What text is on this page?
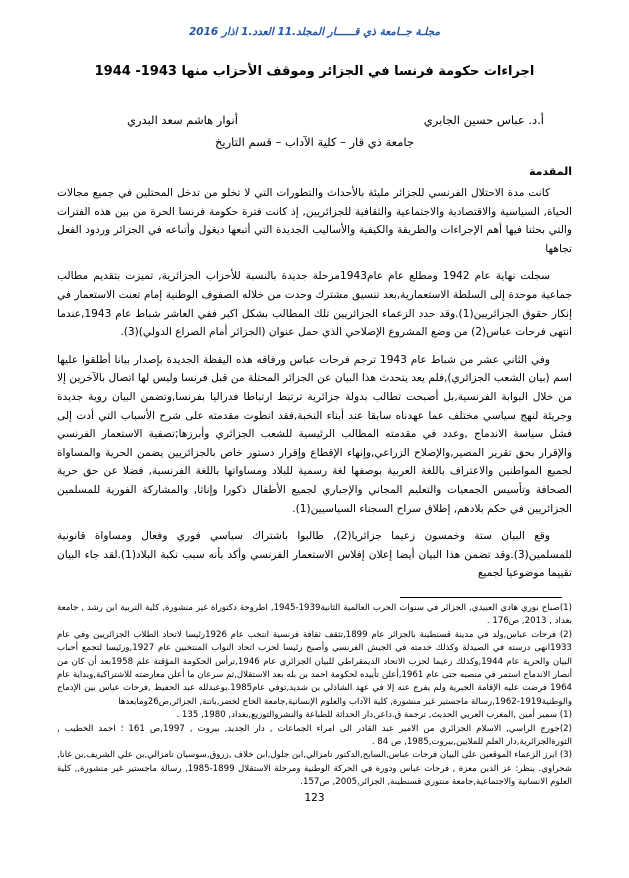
مجلـة جــامعة ذي قــــــار المجلد.11 العدد.1 اذار 2016
اجراءات حكومة فرنسا في الجزائر وموقف الأحزاب منها 1943- 1944
أ.د. عباس حسين الجابري
أنوار هاشم سعد البدري
جامعة ذي قار – كلية الآداب – قسم التاريخ
المقدمة

كانت مدة الاحتلال الفرنسي للجزائر مليئة بالأحداث والتطورات التي لا تخلو من تدخل المحتلين في جميع مجالات الحياة, السياسية والاقتصادية والاجتماعية والثقافية للجزائريين, إذ كانت فترة حكومة فرنسا الحرة من بين هذه الفترات والتي بحثنا فيها أهم الإجراءات والطريقة والكيفية والأساليب الجديدة التي أتبعها ديغول وأتباعه في الجزائر وردود الفعل تجاهها

سجلت نهاية عام 1942 ومطلع عام عام1943مرحلة جديدة بالنسبة للأحزاب الجزائرية, تميزت بتقديم مطالب جماعية موحدة إلى السلطة الاستعمارية,بعد تنسيق مشترك وحدت من خلاله الصفوف الوطنية إمام تعنت الاستعمار في إنكار حقوق الجزائريين(1).وقد حدد الزعماء الجزائريين تلك المطالب بشكل اكبر ففي العاشر شباط عام 1943,عندما انتهى فرحات عباس(2) من وضع المشروع الإصلاحي الذي حمل عنوان (الجزائر أمام الصراع الدولي)(3).

وفي الثاني عشر من شباط عام 1943 ترجم فرحات عباس ورفاقه هذه اليقظة الجديدة بإصدار بيانا أطلقوا عليها اسم (بيان الشعب الجزائري),فلم يعد يتحدث هذا البيان عن الجزائر المحتلة من قبل فرنسا وليس لها اتصال بالآخرين إلا من خلال البوابة الفرنسية,بل أصبحت تطالب بدولة جزائرية ترتبط ارتباطا فدراليا بفرنسا,وتضمن البيان روية جديدة وجريئة لنهج سياسي مختلف عما عهدناه سابقا عند أبناء النخبة,فقد انطوت مقدمته على شرح الأسباب التي أدت إلى فشل سياسة الاندماج ,وعدد في مقدمته المطالب الرئيسية للشعب الجزائري وأبرزها;تصفية الاستعمار الفرنسي والإقرار بحق تقرير المصير,والإصلاح الزراعي,وإنهاء الإقطاع وإقرار دستور خاص بالجزائريين يضمن الحرية والمساواة لجميع المواطنين والاعتراف باللغة العربية بوصفها لغة رسمية للبلاد ومساواتها باللغة الفرنسية, فضلا عن حق حرية الصحافة وتأسيس الجمعيات والتعليم المجاني والإجباري لجميع الأطفال ذكورا وإناثا, والمشاركة الفورية للمسلمين الجزائريين في حكم بلادهم, إطلاق سراح السجناء السياسيين(1).

وقع البيان ستة وخمسون زعيما جزائريا(2), طالبوا باشتراك سياسي فوري وفعال ومساواة قانونية للمسلمين(3).وقد تضمن هذا البيان أيضا إعلان إفلاس الاستعمار الفرنسي وأكد بأنه سبب نكبة البلاد(1).لقد جاء البيان تقييما موضوعيا لجميع

(1)صباح نوري هادي العبيدي, الجزائر في سنوات الحرب العالمية الثانية1939-1945, اطروحة دكتوراة غير منشورة, كلية التربية ابن رشد , جامعة بغداد , 2013, ص176 .

(2) فرحات عباس,ولد في مدينة قسنطينة بالجزائر عام 1899,تثقف ثقافة فرنسية انتخب عام 1926رئيسا لاتحاد الطلاب الجزائريين وفي عام 1933انهى درسته في الصيدلة وكذلك خدمته في الجيش الفرنسي وأصبح رئيسا لحزب اتحاد النواب المنتخبين عام 1927,ورئيسا لتجمع أحباب البيان والحرية عام 1944,وكذلك زعيما لحزب الاتحاد الديمقراطي للبيان الجزائري عام 1946,ترأس الحكومة المؤقتة علم 1958بعد أن كان من أنصار الاندماج استمر في منصبه حتى عام 1961,أعلن تأييده لحكومة احمد بن بله بعد الاستقلال,ثم سرعان ما أعلن معارضته للاشتراكية,وبداية عام 1964 فرضت عليه الإقامة الجبرية ولم يفرج عنه إلا في عهد الشاذلي بن شديد,توفي عام1985.بوعبدلله عبد الحفيظ ,فرحات عباس بين الإدماج والوطنية1919-1962,رسالة ماجستير غير منشورة, كلية الآداب والعلوم الإنسانية,جامعة الحاج لخضر,باتنة, الجزائر,ص26ومابعدها

(1) سمير أمين ,المغرب العربي الحديث, ترجمة ق.داعر,دار الحداثة للطباعة والنشروالتوزيع,بغداد, 1980, 135 .

(2)جورج الراسي, الاسلام الجزائري من الامير عبد القادر الى امراء الجماعات , دار الجديد, بيروت , 1997,ص 161 ؛ احمد الخطيب , الثورةالجزائرية,دار العلم للملايين,بيروت,1985, ص 84 .

(3) ابرز الزعماء الموقعين على البيان فرحات عباس,السايح,الدكتور تامزالي,ابن جلول,ابن خلاف ,زروق,سوسيان تامزالي,بن علي الشريف,بن غانا, شحراوي. ينظر: عز الدين معزة , فرحات عباس ودورة في الحركة الوطنية ومرحلة الاستقلال 1899-1985, رسالة ماجستير غير منشورة,, كلية العلوم الانسانية والاجتماعية,جامعة منتوري قسنطينة, الجزائر,2005, ص157.

123
